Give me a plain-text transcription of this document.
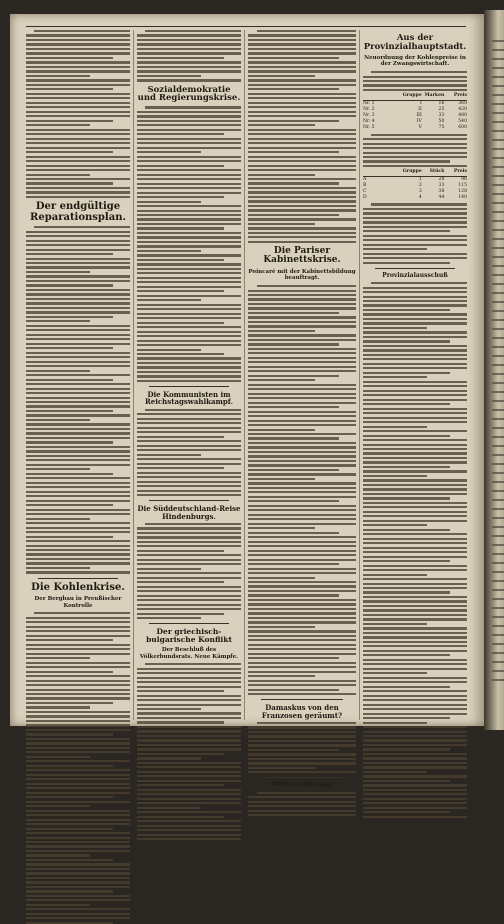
Der endgültige Reparationsplan.
Die Kohlenkrise.
Der Bergbau in Preußischer Kontrolle
Sozialdemokratie und Regierungskrise.
Die Kommunisten im Reichstagswahlkampf.
Die Süddeutschland-Reise Hindenburgs.
Der griechisch-bulgarische Konflikt
Der Beschluß des Völkerbundsrats. Neue Kämpfe.
Die Pariser Kabinettskrise.
Poincaré mit der Kabinettsbildung beauftragt.
Damaskus von den Franzosen geräumt?
Wettervorhersage.
Aus der Provinzialhauptstadt.
Neuordnung der Kohlenpreise in der Zwangswirtschaft.
Gruppe Marken	Preis
Nr. 1	I	16	360
Nr. 2	II	25	420
Nr. 3	III	33	480
Nr. 4	IV	50	540
Nr. 5	V	75	600
Gruppe	Stück	Preis
A	1	28	96
B	2	33	115
C	3	38	128
D	4	44	140
Provinzialausschuß
